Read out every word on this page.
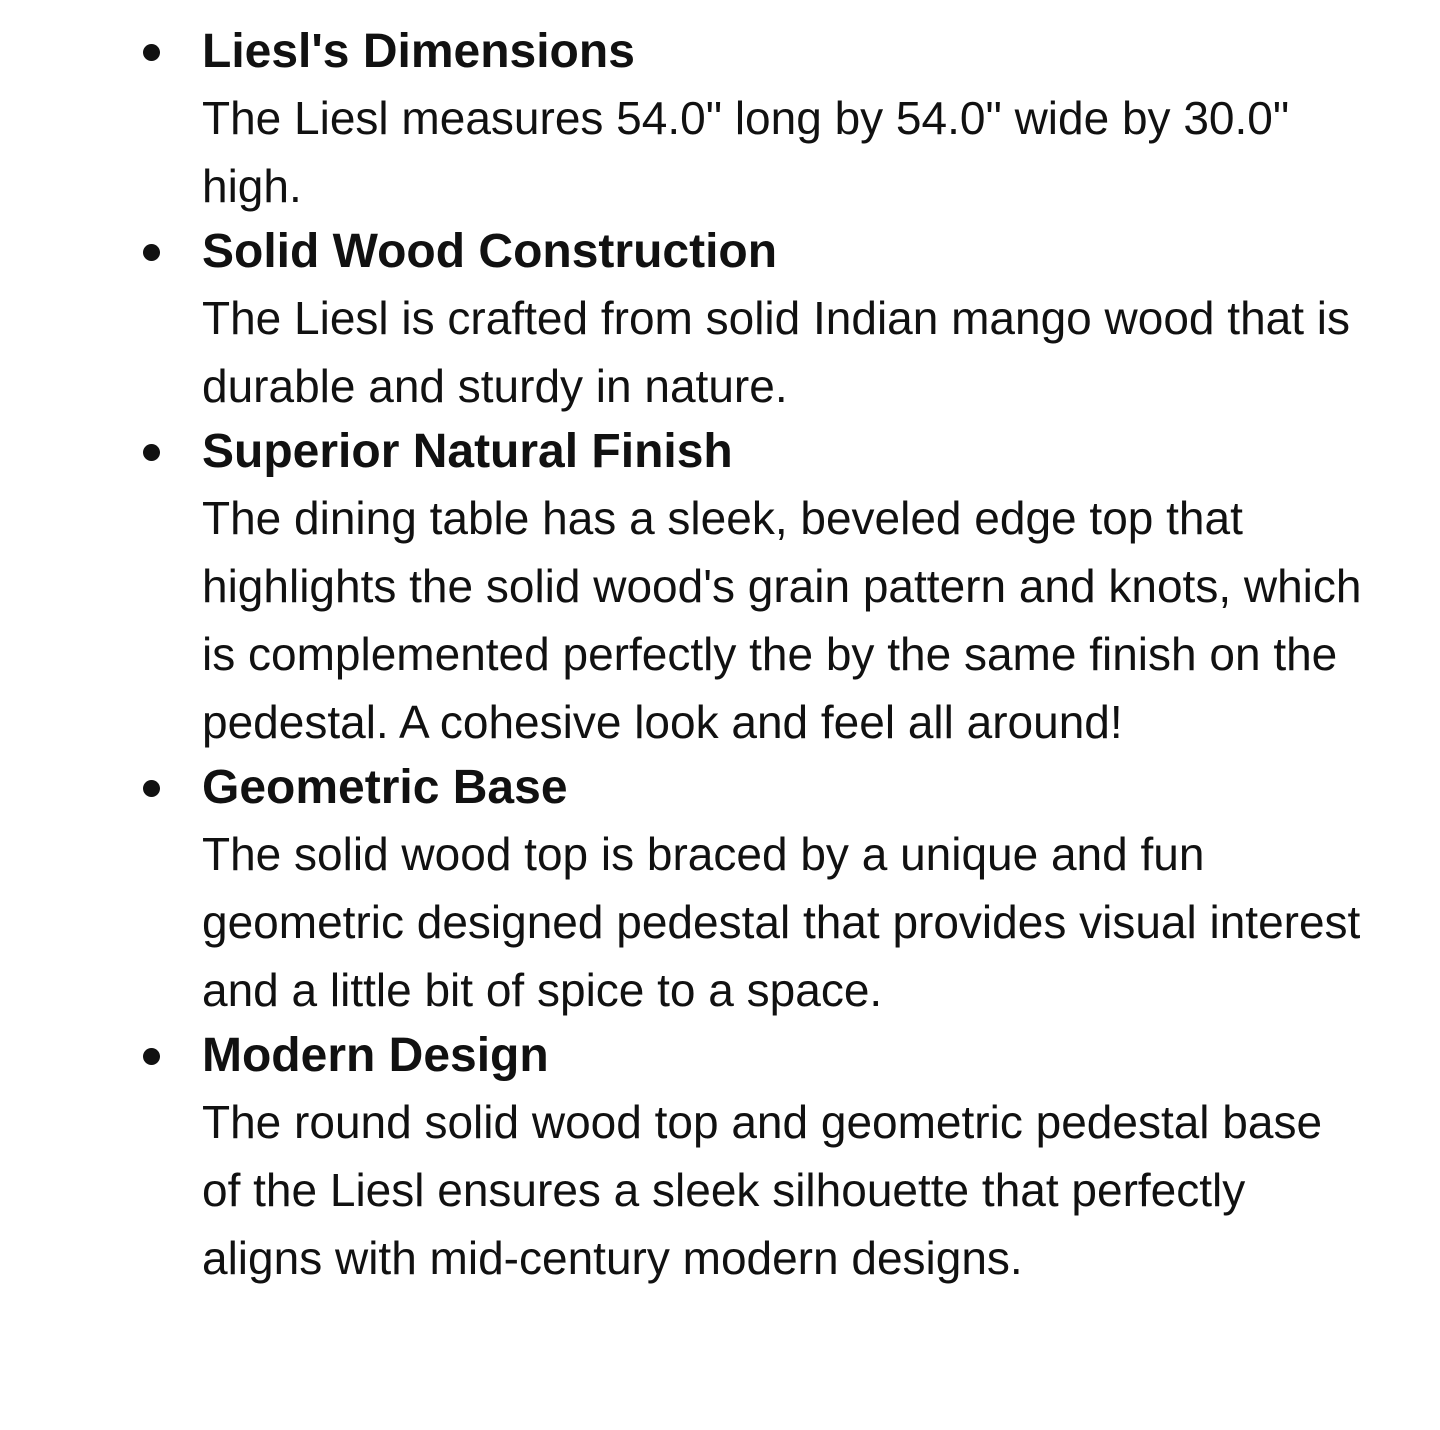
Liesl's Dimensions
The Liesl measures 54.0" long by 54.0" wide by 30.0" high.
Solid Wood Construction
The Liesl is crafted from solid Indian mango wood that is durable and sturdy in nature.
Superior Natural Finish
The dining table has a sleek, beveled edge top that highlights the solid wood's grain pattern and knots, which is complemented perfectly the by the same finish on the pedestal. A cohesive look and feel all around!
Geometric Base
The solid wood top is braced by a unique and fun geometric designed pedestal that provides visual interest and a little bit of spice to a space.
Modern Design
The round solid wood top and geometric pedestal base of the Liesl ensures a sleek silhouette that perfectly aligns with mid-century modern designs.
